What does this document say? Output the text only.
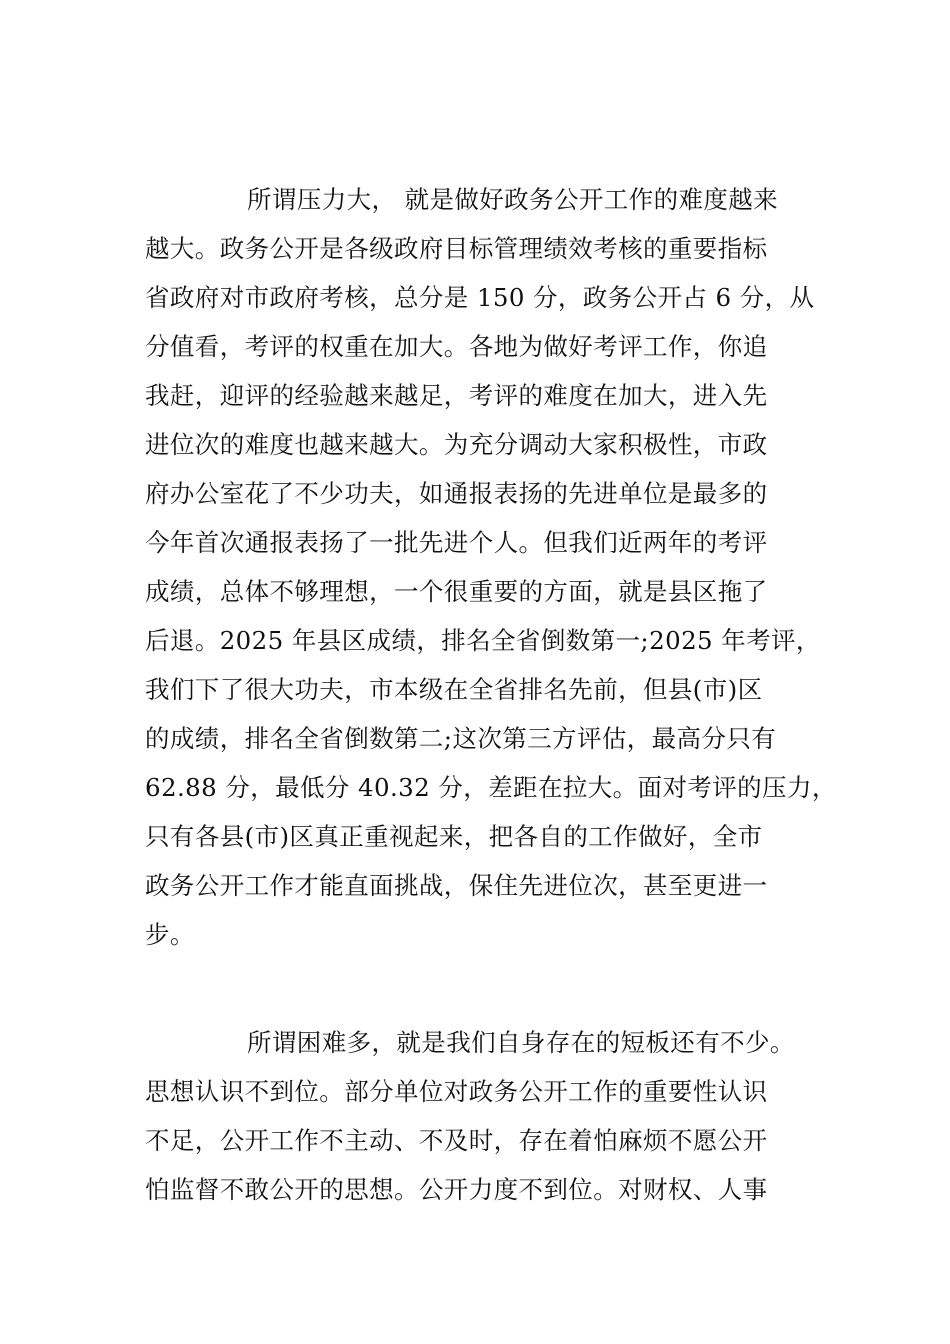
所谓压力大， 就是做好政务公开工作的难度越来
越大。政务公开是各级政府目标管理绩效考核的重要指标
省政府对市政府考核，总分是 150 分，政务公开占 6 分，从
分值看，考评的权重在加大。各地为做好考评工作，你追
我赶，迎评的经验越来越足，考评的难度在加大，进入先
进位次的难度也越来越大。为充分调动大家积极性，市政
府办公室花了不少功夫，如通报表扬的先进单位是最多的
今年首次通报表扬了一批先进个人。但我们近两年的考评
成绩，总体不够理想，一个很重要的方面，就是县区拖了
后退。2025 年县区成绩，排名全省倒数第一;2025 年考评，
我们下了很大功夫，市本级在全省排名先前，但县(市)区
的成绩，排名全省倒数第二;这次第三方评估，最高分只有
62.88 分，最低分 40.32 分，差距在拉大。面对考评的压力，
只有各县(市)区真正重视起来，把各自的工作做好，全市
政务公开工作才能直面挑战，保住先进位次，甚至更进一
步。
所谓困难多，就是我们自身存在的短板还有不少。
思想认识不到位。部分单位对政务公开工作的重要性认识
不足，公开工作不主动、不及时，存在着怕麻烦不愿公开
怕监督不敢公开的思想。公开力度不到位。对财权、人事
